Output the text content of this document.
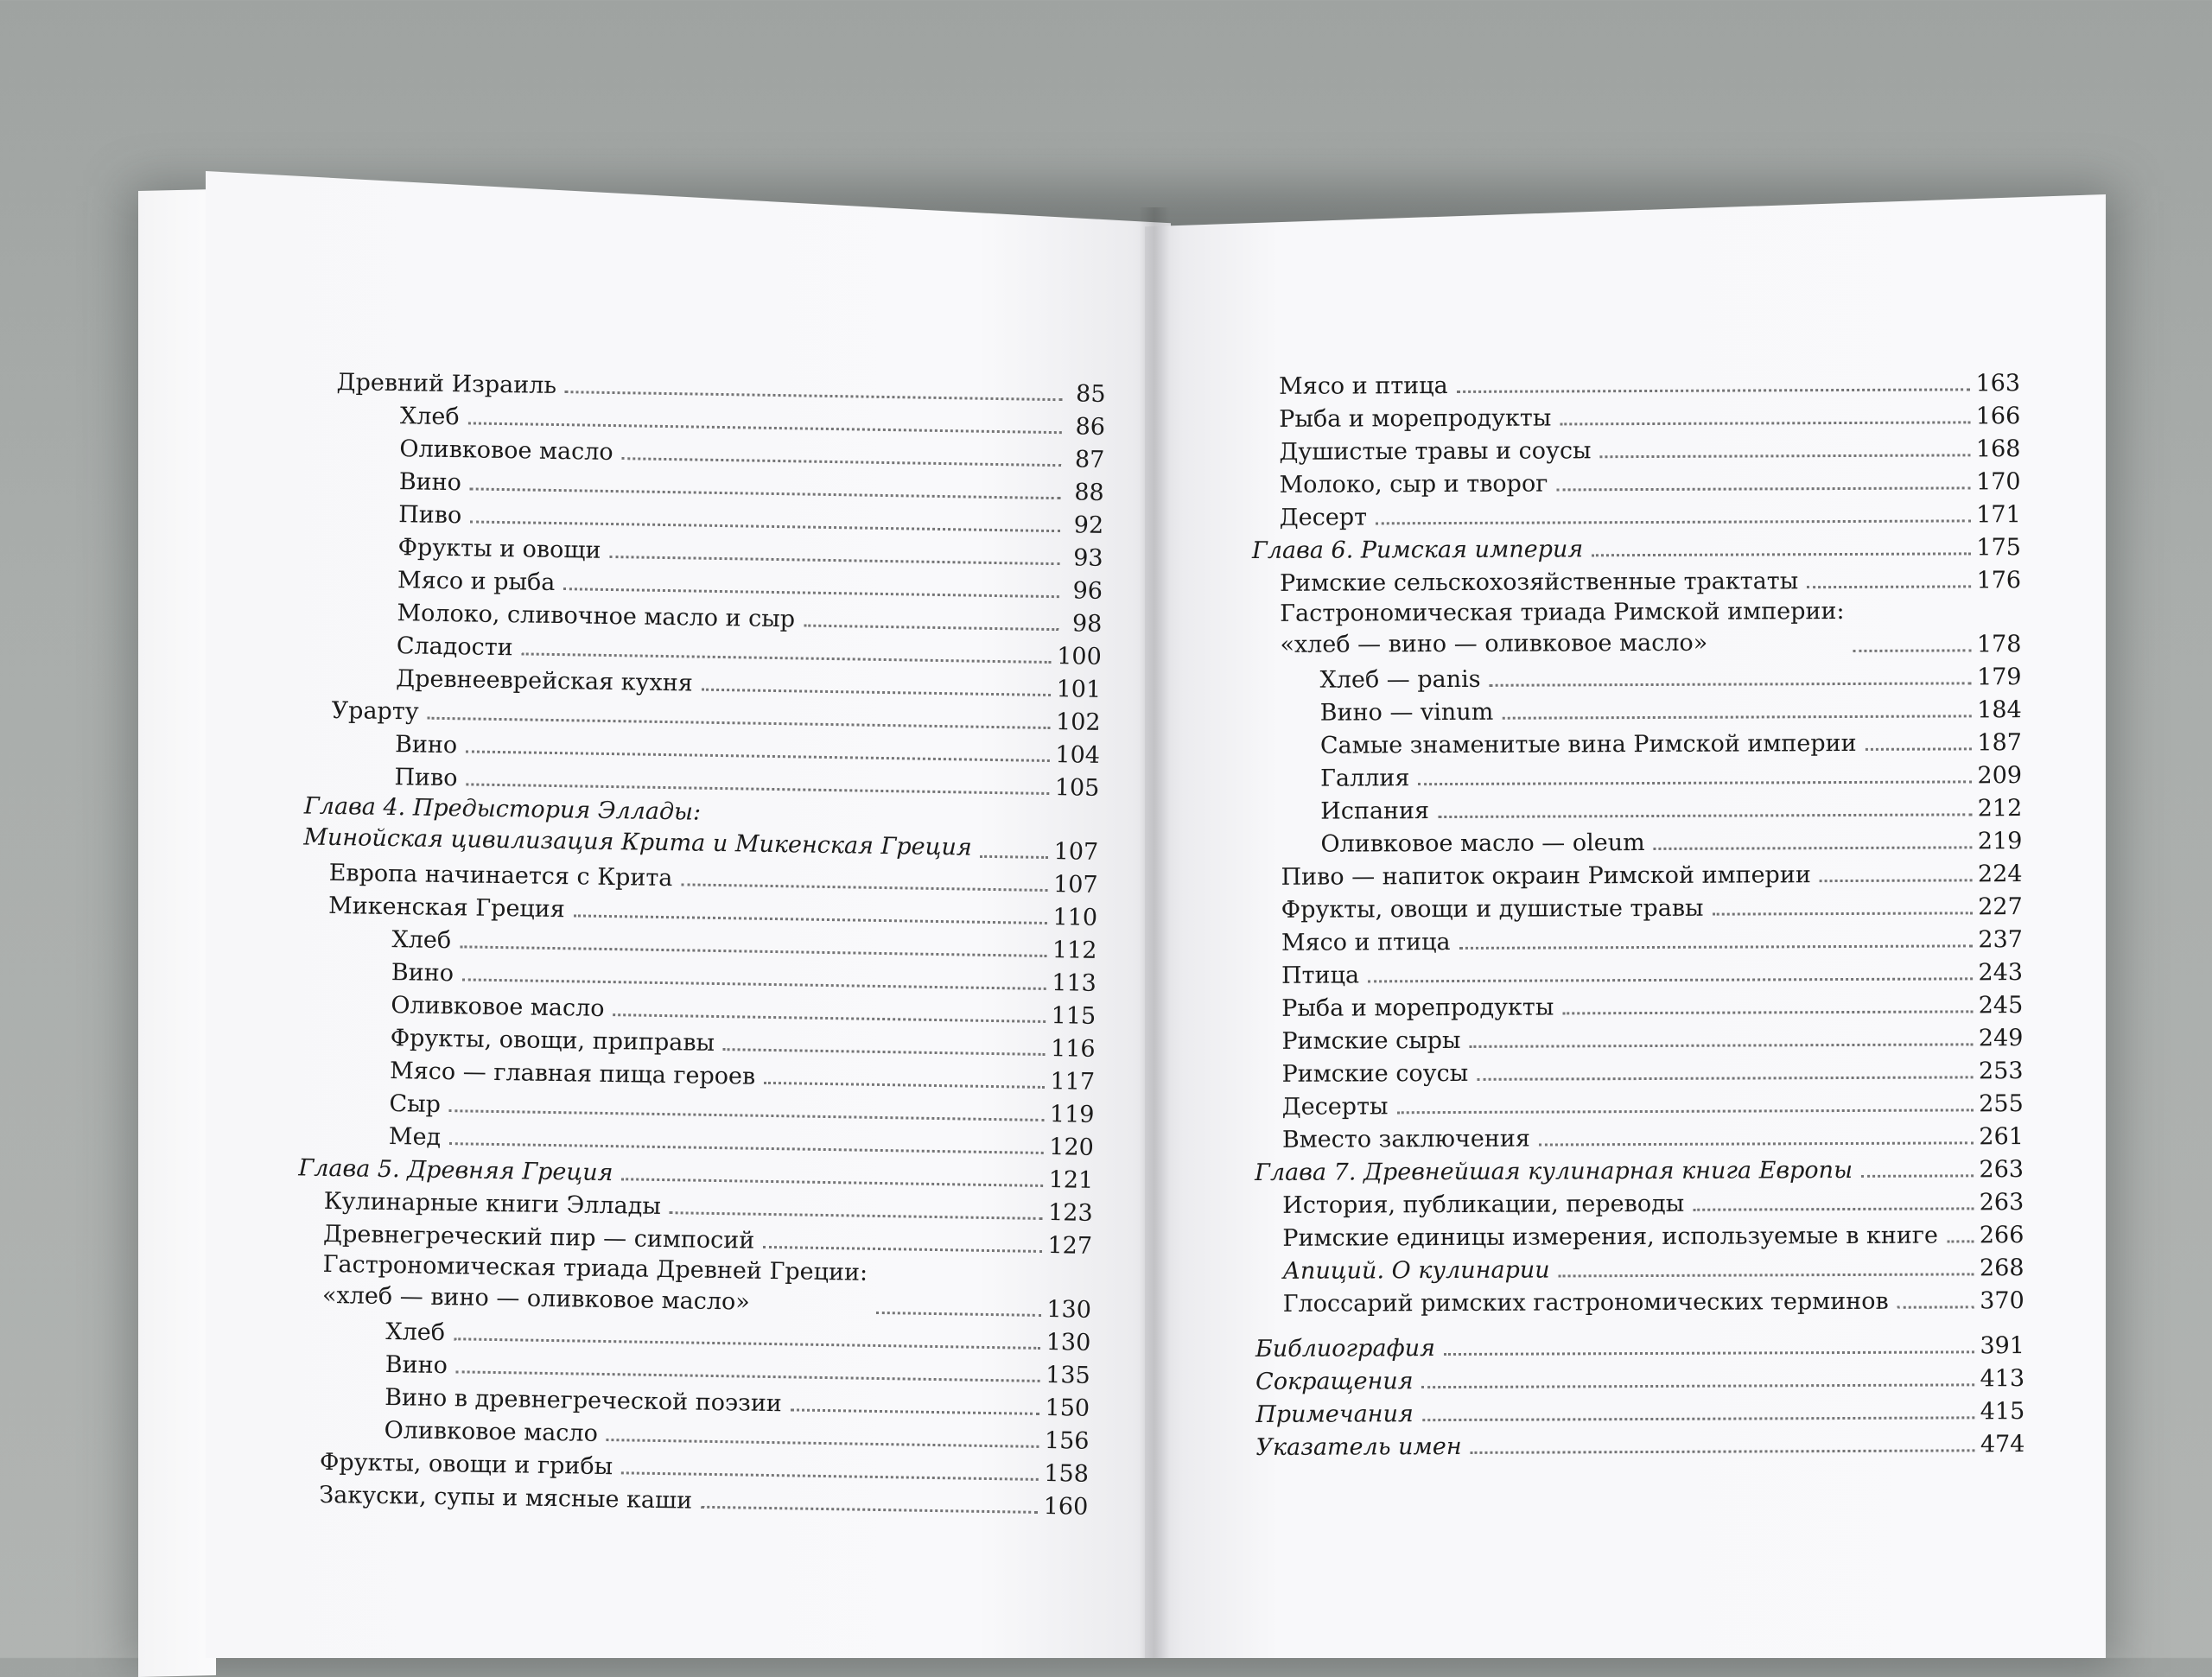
Древний Израиль	85
Хлеб	86
Оливковое масло	87
Вино	88
Пиво	92
Фрукты и овощи	93
Мясо и рыба	96
Молоко, сливочное масло и сыр	98
Сладости	100
Древнееврейская кухня	101
Урарту	102
Вино	104
Пиво	105
Глава 4. Предыстория Эллады:
Минойская цивилизация Крита и Микенская Греция	107
Европа начинается с Крита	107
Микенская Греция	110
Хлеб	112
Вино	113
Оливковое масло	115
Фрукты, овощи, приправы	116
Мясо — главная пища героев	117
Сыр	119
Мед	120
Глава 5. Древняя Греция	121
Кулинарные книги Эллады	123
Древнегреческий пир — симпосий	127
Гастрономическая триада Древней Греции:
«хлеб — вино — оливковое масло»	130
Хлеб	130
Вино	135
Вино в древнегреческой поэзии	150
Оливковое масло	156
Фрукты, овощи и грибы	158
Закуски, супы и мясные каши	160
Мясо и птица	163
Рыба и морепродукты	166
Душистые травы и соусы	168
Молоко, сыр и творог	170
Десерт	171
Глава 6. Римская империя	175
Римские сельскохозяйственные трактаты	176
Гастрономическая триада Римской империи:
«хлеб — вино — оливковое масло»	178
Хлеб — panis	179
Вино — vinum	184
Самые знаменитые вина Римской империи	187
Галлия	209
Испания	212
Оливковое масло — oleum	219
Пиво — напиток окраин Римской империи	224
Фрукты, овощи и душистые травы	227
Мясо и птица	237
Птица	243
Рыба и морепродукты	245
Римские сыры	249
Римские соусы	253
Десерты	255
Вместо заключения	261
Глава 7. Древнейшая кулинарная книга Европы	263
История, публикации, переводы	263
Римские единицы измерения, используемые в книге 266
Апиций. О кулинарии	268
Глоссарий римских гастрономических терминов	370
Библиография	391
Сокращения	413
Примечания	415
Указатель имен	474
